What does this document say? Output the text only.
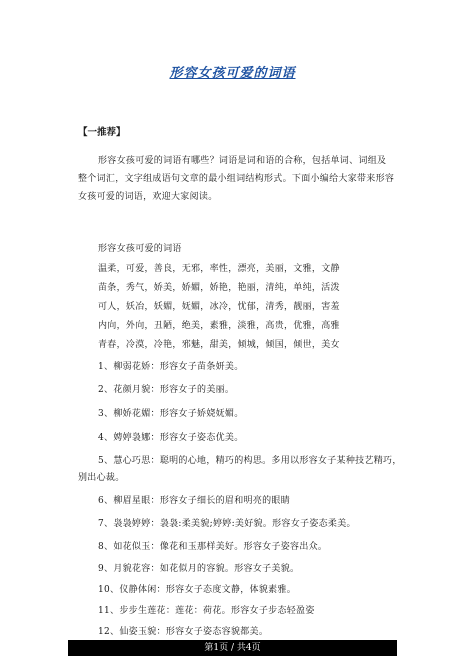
形容女孩可爱的词语
【一推荐】
形容女孩可爱的词语有哪些？词语是词和语的合称，包括单词、词组及
整个词汇，文字组成语句文章的最小组词结构形式。下面小编给大家带来形容
女孩可爱的词语，欢迎大家阅读。
形容女孩可爱的词语
温柔，可爱，善良，无邪，率性，漂亮，美丽，文雅，文静
苗条，秀气，娇美，娇媚，娇艳，艳丽，清纯，单纯，活泼
可人，妖冶，妖媚，妩媚，冰冷，忧郁，清秀，靓丽，害羞
内向，外向，丑陋，绝美，素雅，淡雅，高贵，优雅，高雅
青春，冷漠，冷艳，邪魅，甜美，倾城，倾国，倾世，美女
1、柳弱花娇：形容女子苗条妍美。
2、花颜月貌：形容女子的美丽。
3、柳娇花媚：形容女子娇娆妩媚。
4、娉婷袅娜：形容女子姿态优美。
5、慧心巧思：聪明的心地，精巧的构思。多用以形容女子某种技艺精巧，
别出心裁。
6、柳眉星眼：形容女子细长的眉和明亮的眼睛
7、袅袅婷婷：袅袅:柔美貌;婷婷:美好貌。形容女子姿态柔美。
8、如花似玉：像花和玉那样美好。形容女子姿容出众。
9、月貌花容：如花似月的容貌。形容女子美貌。
10、仪静体闲：形容女子态度文静，体貌素雅。
11、步步生莲花：莲花：荷花。形容女子步态轻盈姿
12、仙姿玉貌：形容女子姿态容貌都美。
第1页 / 共4页
